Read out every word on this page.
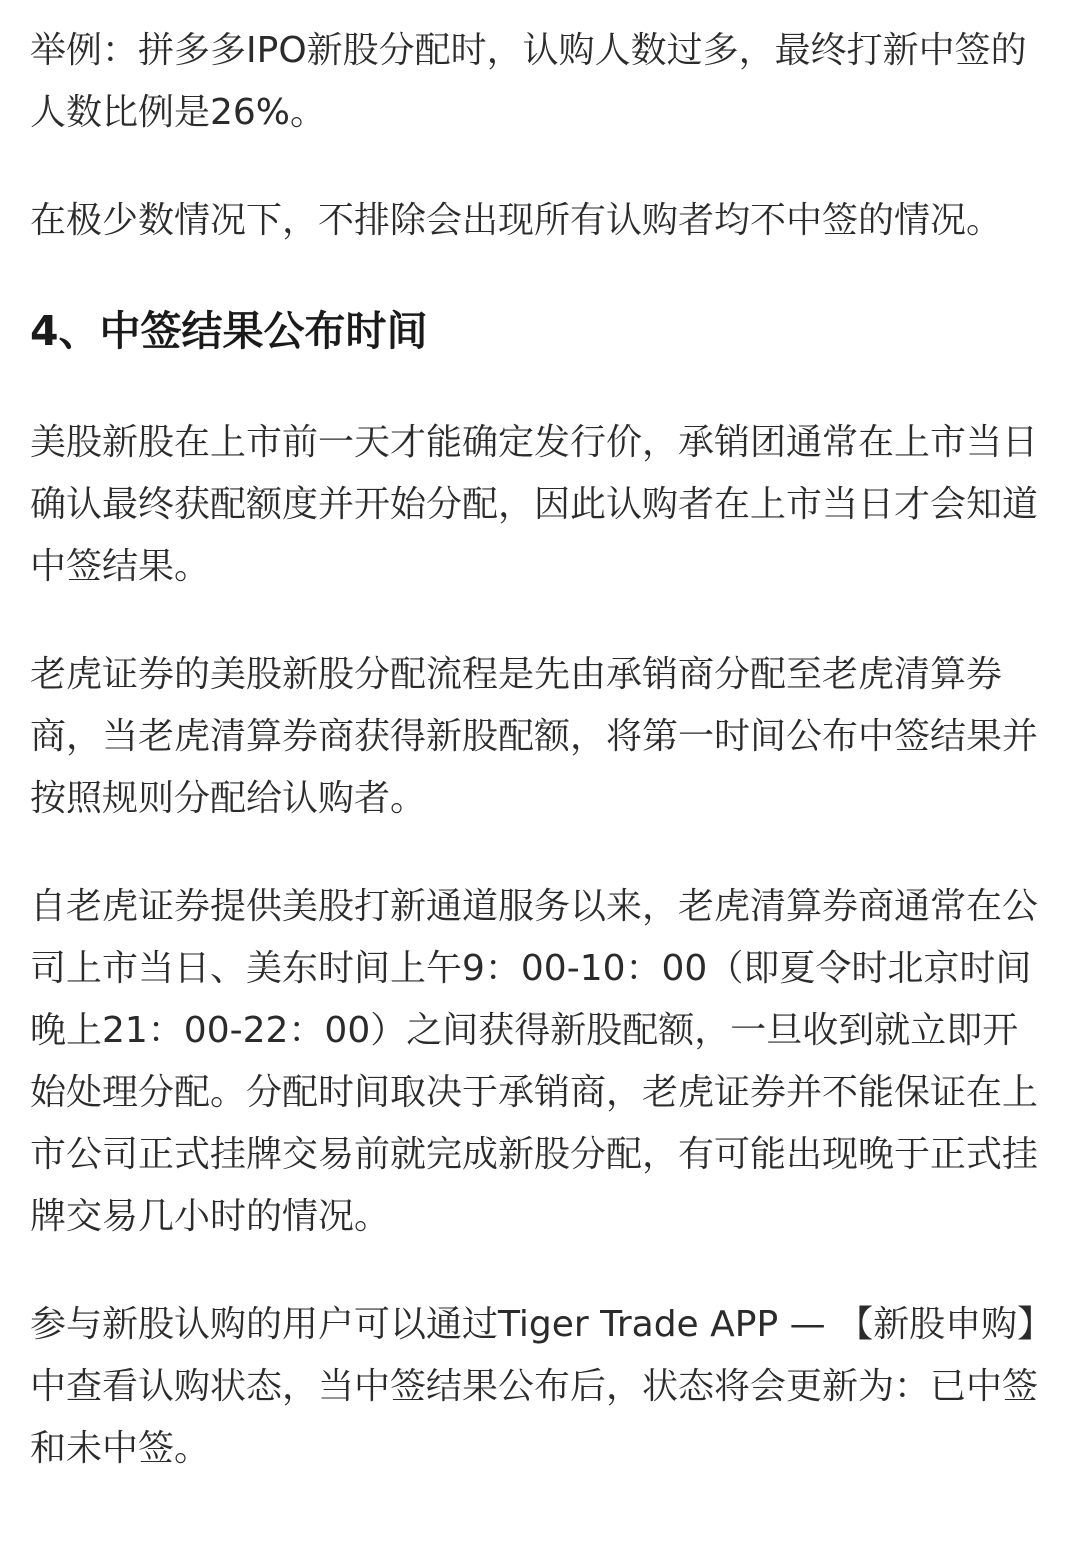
举例：拼多多IPO新股分配时，认购人数过多，最终打新中签的人数比例是26%。

在极少数情况下，不排除会出现所有认购者均不中签的情况。

4、中签结果公布时间

美股新股在上市前一天才能确定发行价，承销团通常在上市当日确认最终获配额度并开始分配，因此认购者在上市当日才会知道中签结果。

老虎证券的美股新股分配流程是先由承销商分配至老虎清算券商，当老虎清算券商获得新股配额，将第一时间公布中签结果并按照规则分配给认购者。

自老虎证券提供美股打新通道服务以来，老虎清算券商通常在公司上市当日、美东时间上午9：00-10：00（即夏令时北京时间晚上21：00-22：00）之间获得新股配额，一旦收到就立即开始处理分配。分配时间取决于承销商，老虎证券并不能保证在上市公司正式挂牌交易前就完成新股分配，有可能出现晚于正式挂牌交易几小时的情况。

参与新股认购的用户可以通过Tiger Trade APP — 【新股申购】中查看认购状态，当中签结果公布后，状态将会更新为：已中签和未中签。
